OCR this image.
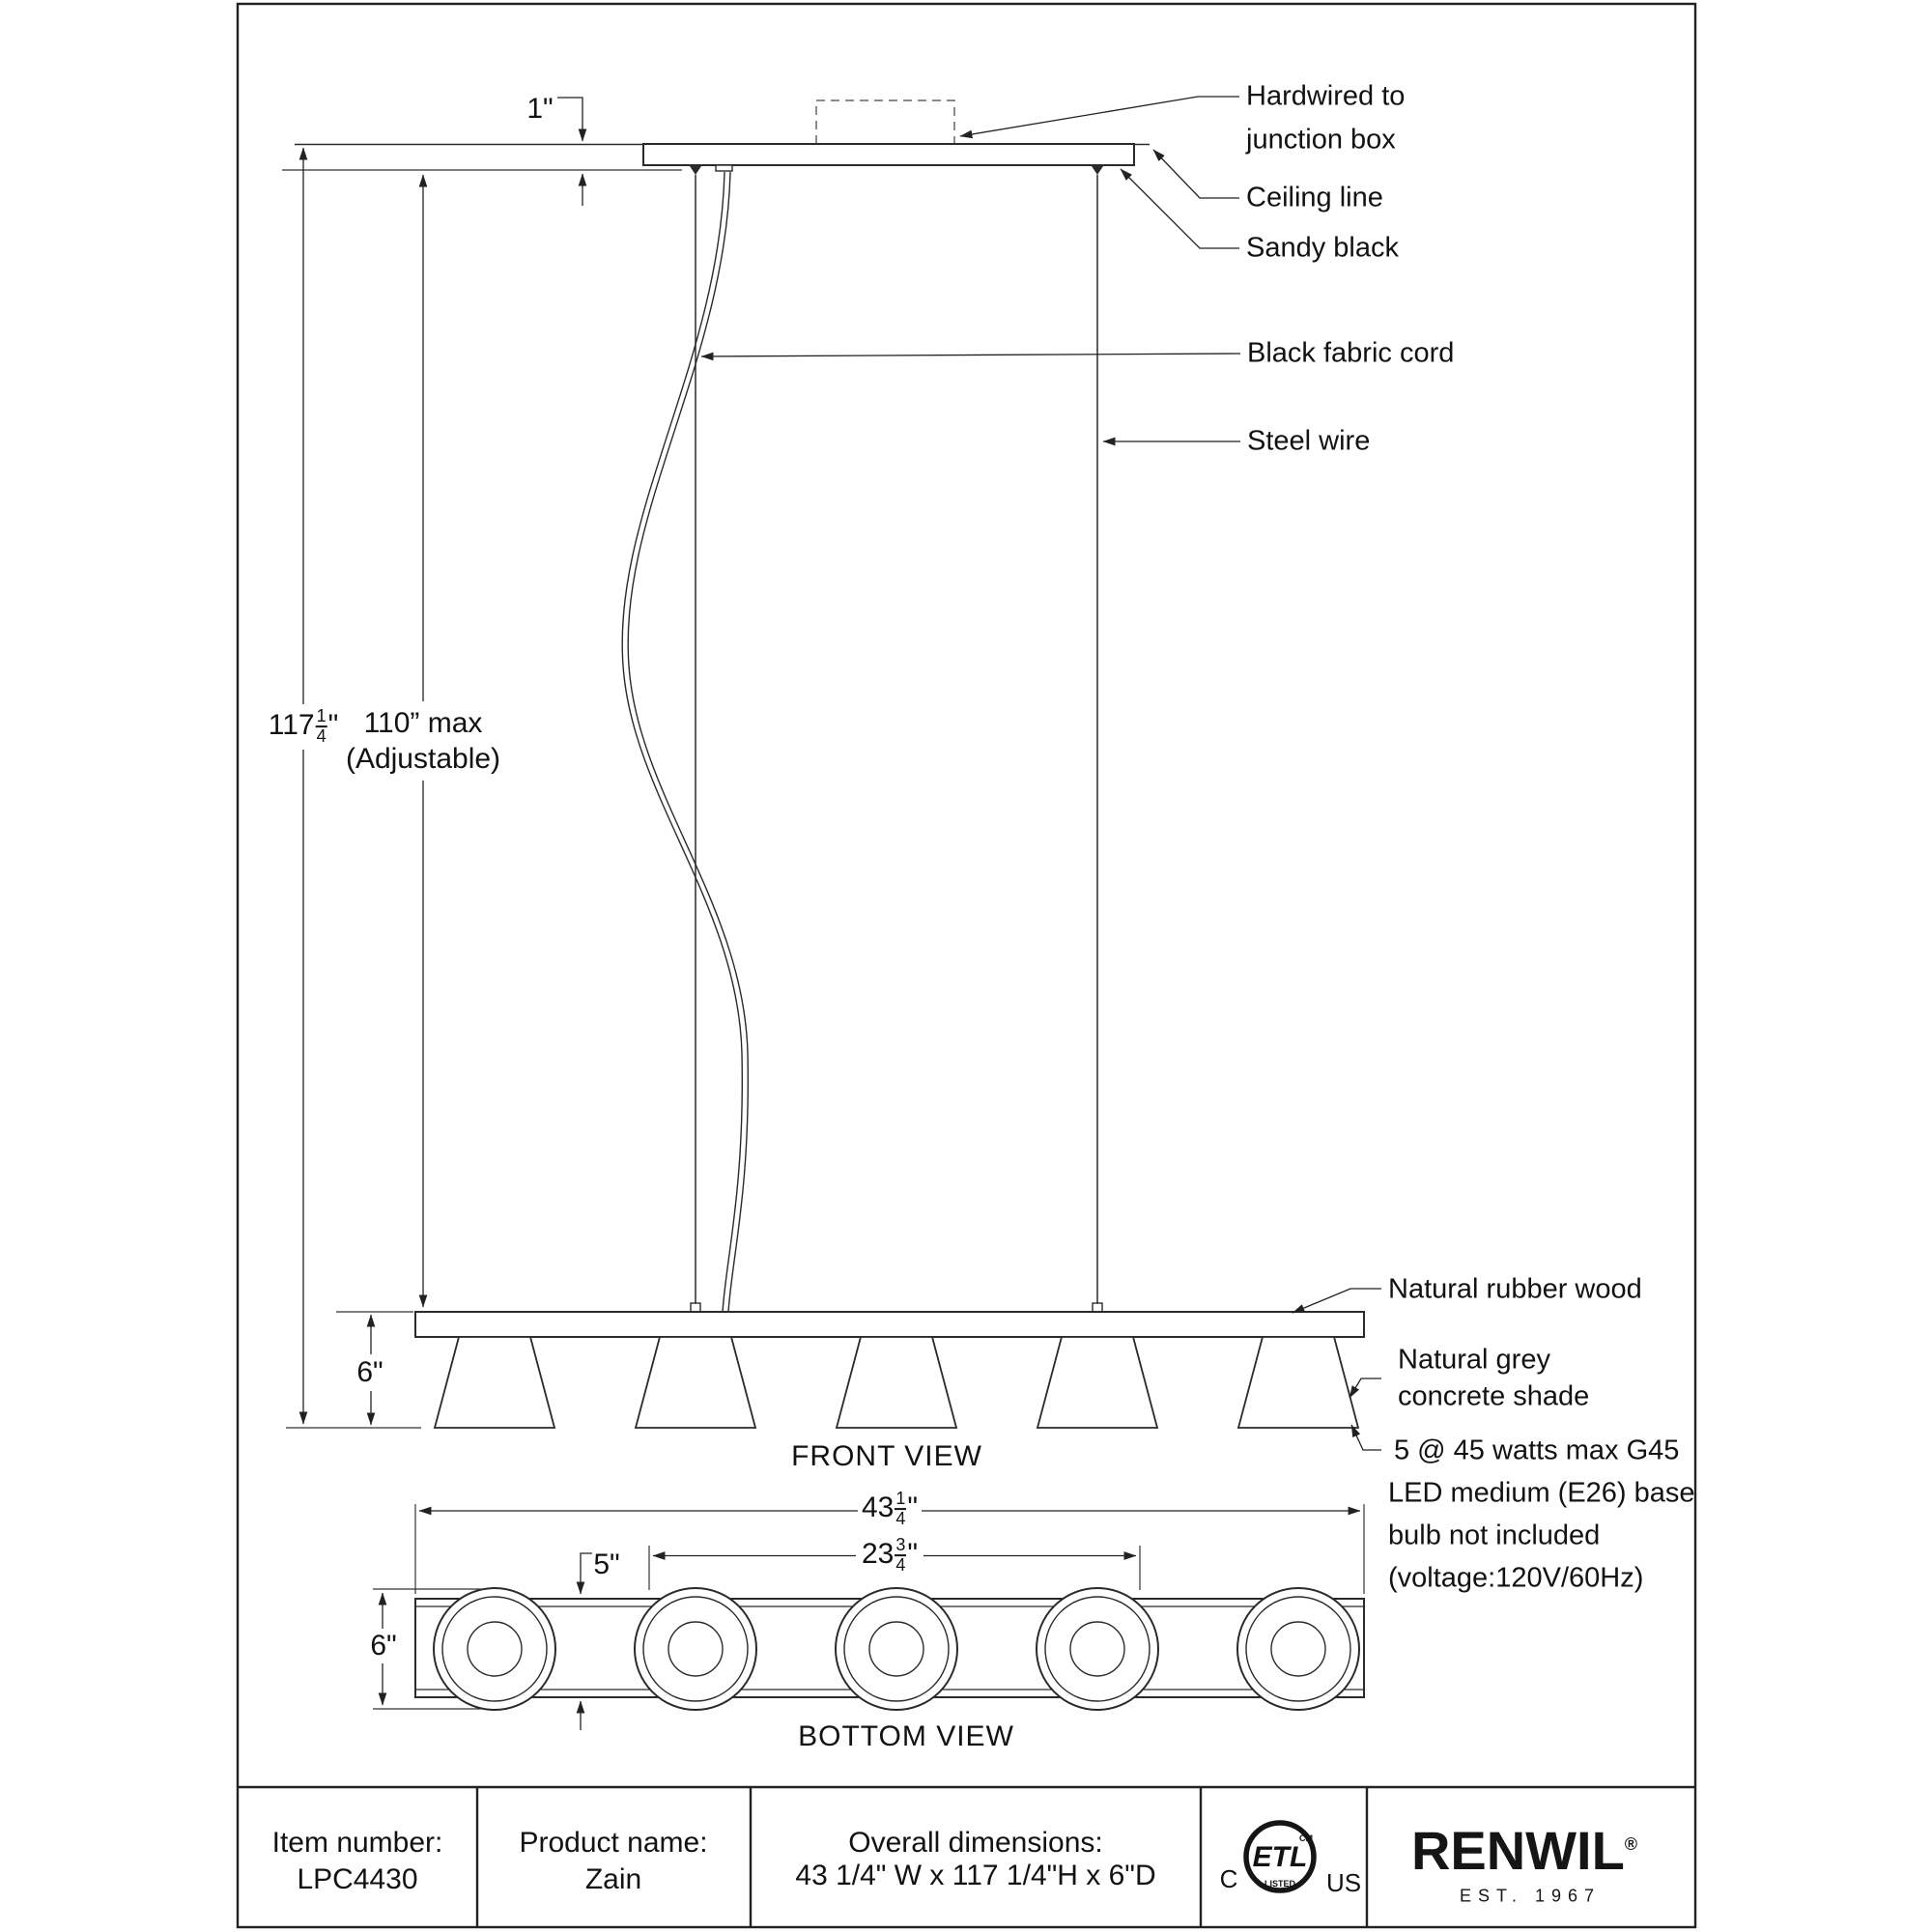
Hardwired to
junction box
Ceiling line
Sandy black
Black fabric cord
Steel wire
Natural rubber wood
Natural grey
concrete shade
5 @ 45 watts max G45
LED medium (E26) base
bulb not included
(voltage:120V/60Hz)
1"
$117 \frac{1}{4}$ " 110” max
(Adjustable)
6"
$43 \frac{1}{4}$ "
$23 \frac{3}{4}$ "
5"
6"
FRONT VIEW
BOTTOM VIEW
Item number:
LPC4430
Product name:
Zain
Overall dimensions:
43 1/4" W x 117 1/4"H x 6"D
ETL
CM
LISTED
C	US
RENWIL®
EST. 1967
